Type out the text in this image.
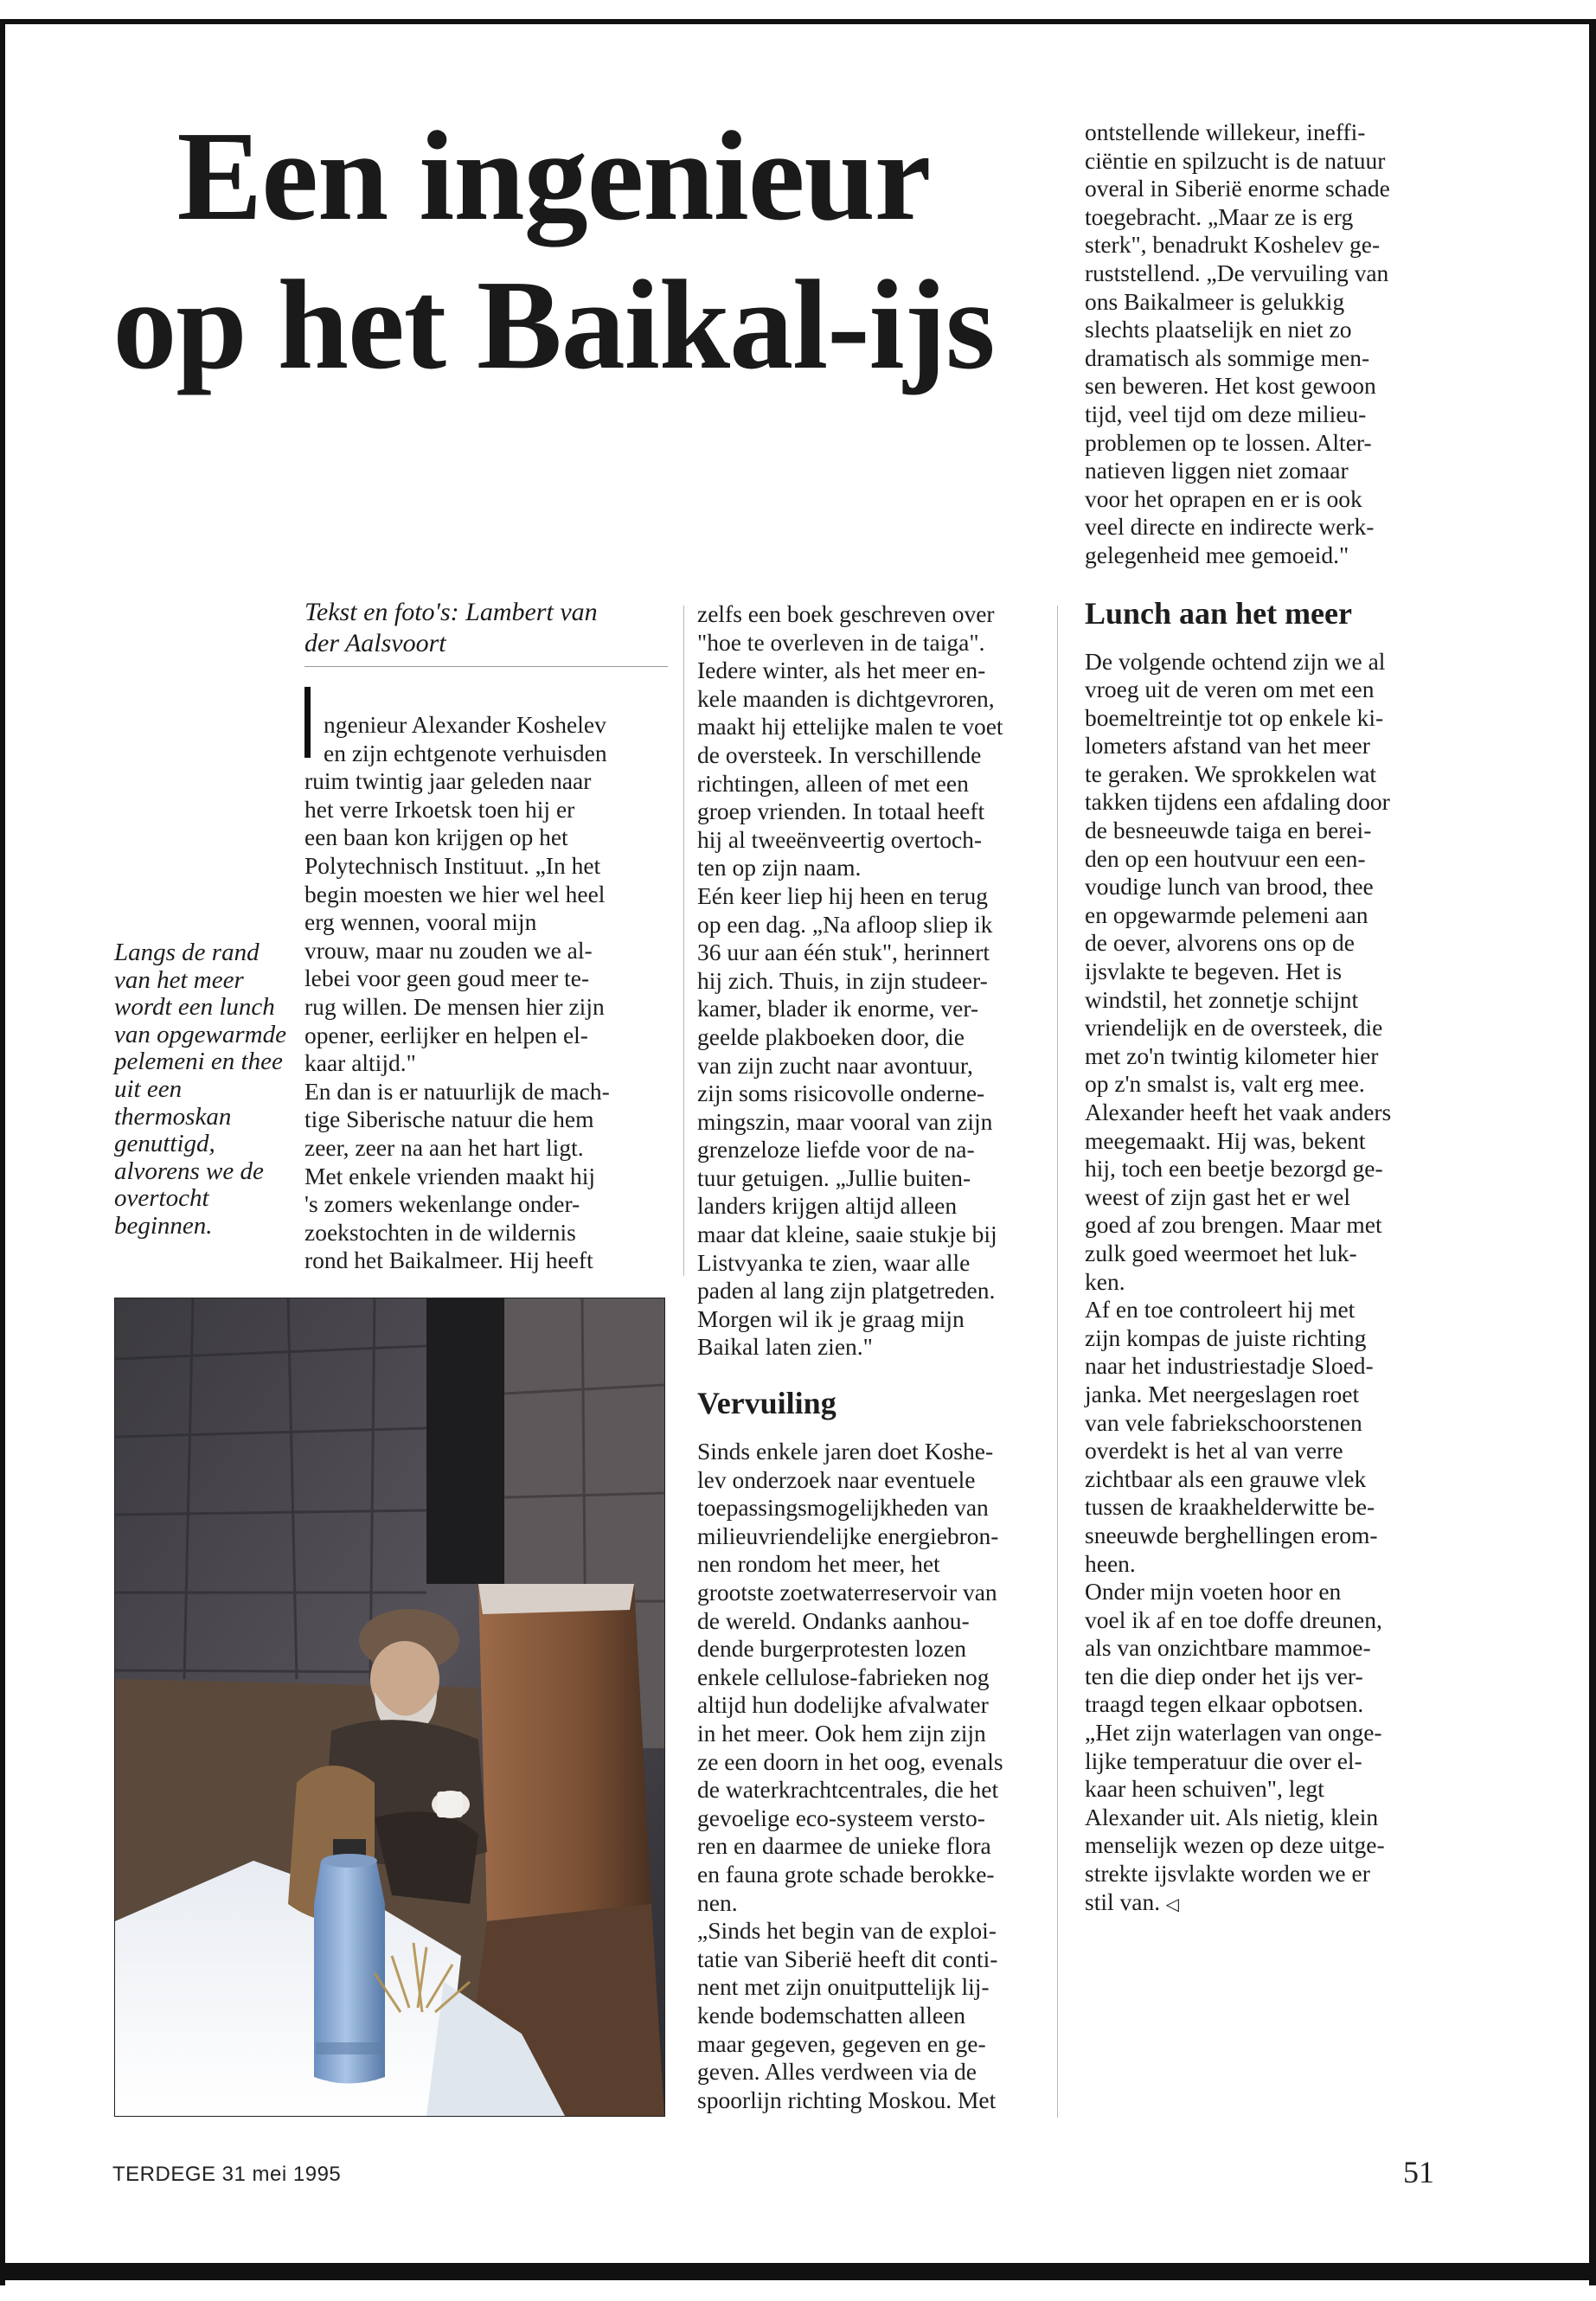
Een ingenieur
op het Baikal-ijs
Tekst en foto's: Lambert van der Aalsvoort
Langs de rand van het meer wordt een lunch van opgewarmde pelemeni en thee uit een thermoskan genuttigd, alvorens we de overtocht beginnen.
ngenieur Alexander Koshelev
en zijn echtgenote verhuisden
ruim twintig jaar geleden naar
het verre Irkoetsk toen hij er
een baan kon krijgen op het
Polytechnisch Instituut. „In het
begin moesten we hier wel heel
erg wennen, vooral mijn
vrouw, maar nu zouden we al-
lebei voor geen goud meer te-
rug willen. De mensen hier zijn
opener, eerlijker en helpen el-
kaar altijd."
En dan is er natuurlijk de mach-
tige Siberische natuur die hem
zeer, zeer na aan het hart ligt.
Met enkele vrienden maakt hij
's zomers wekenlange onder-
zoekstochten in de wildernis
rond het Baikalmeer. Hij heeft
zelfs een boek geschreven over
"hoe te overleven in de taiga".
Iedere winter, als het meer en-
kele maanden is dichtgevroren,
maakt hij ettelijke malen te voet
de oversteek. In verschillende
richtingen, alleen of met een
groep vrienden. In totaal heeft
hij al tweeënveertig overtoch-
ten op zijn naam.
Eén keer liep hij heen en terug
op een dag. „Na afloop sliep ik
36 uur aan één stuk", herinnert
hij zich. Thuis, in zijn studeer-
kamer, blader ik enorme, ver-
geelde plakboeken door, die
van zijn zucht naar avontuur,
zijn soms risicovolle onderne-
mingszin, maar vooral van zijn
grenzeloze liefde voor de na-
tuur getuigen. „Jullie buiten-
landers krijgen altijd alleen
maar dat kleine, saaie stukje bij
Listvyanka te zien, waar alle
paden al lang zijn platgetreden.
Morgen wil ik je graag mijn
Baikal laten zien."
Vervuiling
Sinds enkele jaren doet Koshe-
lev onderzoek naar eventuele
toepassingsmogelijkheden van
milieuvriendelijke energiebron-
nen rondom het meer, het
grootste zoetwaterreservoir van
de wereld. Ondanks aanhou-
dende burgerprotesten lozen
enkele cellulose-fabrieken nog
altijd hun dodelijke afvalwater
in het meer. Ook hem zijn zijn
ze een doorn in het oog, evenals
de waterkrachtcentrales, die het
gevoelige eco-systeem versto-
ren en daarmee de unieke flora
en fauna grote schade berokke-
nen.
„Sinds het begin van de exploi-
tatie van Siberië heeft dit conti-
nent met zijn onuitputtelijk lij-
kende bodemschatten alleen
maar gegeven, gegeven en ge-
geven. Alles verdween via de
spoorlijn richting Moskou. Met
ontstellende willekeur, ineffi-
ciëntie en spilzucht is de natuur
overal in Siberië enorme schade
toegebracht. „Maar ze is erg
sterk", benadrukt Koshelev ge-
ruststellend. „De vervuiling van
ons Baikalmeer is gelukkig
slechts plaatselijk en niet zo
dramatisch als sommige men-
sen beweren. Het kost gewoon
tijd, veel tijd om deze milieu-
problemen op te lossen. Alter-
natieven liggen niet zomaar
voor het oprapen en er is ook
veel directe en indirecte werk-
gelegenheid mee gemoeid."
Lunch aan het meer
De volgende ochtend zijn we al
vroeg uit de veren om met een
boemeltreintje tot op enkele ki-
lometers afstand van het meer
te geraken. We sprokkelen wat
takken tijdens een afdaling door
de besneeuwde taiga en berei-
den op een houtvuur een een-
voudige lunch van brood, thee
en opgewarmde pelemeni aan
de oever, alvorens ons op de
ijsvlakte te begeven. Het is
windstil, het zonnetje schijnt
vriendelijk en de oversteek, die
met zo'n twintig kilometer hier
op z'n smalst is, valt erg mee.
Alexander heeft het vaak anders
meegemaakt. Hij was, bekent
hij, toch een beetje bezorgd ge-
weest of zijn gast het er wel
goed af zou brengen. Maar met
zulk goed weermoet het luk-
ken.
Af en toe controleert hij met
zijn kompas de juiste richting
naar het industriestadje Sloed-
janka. Met neergeslagen roet
van vele fabriekschoorstenen
overdekt is het al van verre
zichtbaar als een grauwe vlek
tussen de kraakhelderwitte be-
sneeuwde berghellingen erom-
heen.
Onder mijn voeten hoor en
voel ik af en toe doffe dreunen,
als van onzichtbare mammoe-
ten die diep onder het ijs ver-
traagd tegen elkaar opbotsen.
„Het zijn waterlagen van onge-
lijke temperatuur die over el-
kaar heen schuiven", legt
Alexander uit. Als nietig, klein
menselijk wezen op deze uitge-
strekte ijsvlakte worden we er
stil van. ◁
TERDEGE 31 mei 1995	51
